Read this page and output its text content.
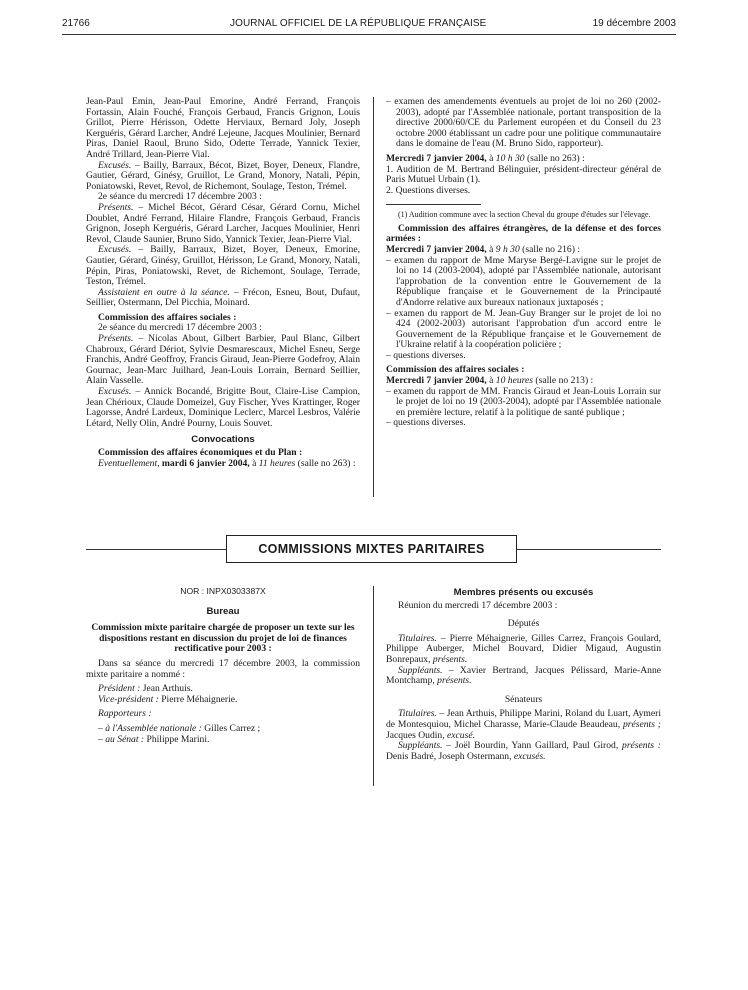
21766	JOURNAL OFFICIEL DE LA RÉPUBLIQUE FRANÇAISE	19 décembre 2003

Jean-Paul Emin, Jean-Paul Emorine, André Ferrand, François Fortassin, Alain Fouché, François Gerbaud, Francis Grignon, Louis Grillot, Pierre Hérisson, Odette Herviaux, Bernard Joly, Joseph Kerguéris, Gérard Larcher, André Lejeune, Jacques Moulinier, Bernard Piras, Daniel Raoul, Bruno Sido, Odette Terrade, Yannick Texier, André Trillard, Jean-Pierre Vial.

Excusés. – Bailly, Barraux, Bécot, Bizet, Boyer, Deneux, Flandre, Gautier, Gérard, Ginésy, Gruillot, Le Grand, Monory, Natali, Pépin, Poniatowski, Revet, Revol, de Richemont, Soulage, Teston, Trémel.

2e séance du mercredi 17 décembre 2003 :

Présents. – Michel Bécot, Gérard César, Gérard Cornu, Michel Doublet, André Ferrand, Hilaire Flandre, François Gerbaud, Francis Grignon, Joseph Kerguéris, Gérard Larcher, Jacques Moulinier, Henri Revol, Claude Saunier, Bruno Sido, Yannick Texier, Jean-Pierre Vial.

Excusés. – Bailly, Barraux, Bizet, Boyer, Deneux, Emorine, Gautier, Gérard, Ginésy, Gruillot, Hérisson, Le Grand, Monory, Natali, Pépin, Piras, Poniatowski, Revet, de Richemont, Soulage, Terrade, Teston, Trémel.

Assistaient en outre à la séance. – Frécon, Esneu, Bout, Dufaut, Seillier, Ostermann, Del Picchia, Moinard.

Commission des affaires sociales :

2e séance du mercredi 17 décembre 2003 :

Présents. – Nicolas About, Gilbert Barbier, Paul Blanc, Gilbert Chabroux, Gérard Dériot, Sylvie Desmarescaux, Michel Esneu, Serge Franchis, André Geoffroy, Francis Giraud, Jean-Pierre Godefroy, Alain Gournac, Jean-Marc Juilhard, Jean-Louis Lorrain, Bernard Seillier, Alain Vasselle.

Excusés. – Annick Bocandé, Brigitte Bout, Claire-Lise Campion, Jean Chérioux, Claude Domeizel, Guy Fischer, Yves Krattinger, Roger Lagorsse, André Lardeux, Dominique Leclerc, Marcel Lesbros, Valérie Létard, Nelly Olin, André Pourny, Louis Souvet.

Convocations

Commission des affaires économiques et du Plan :

Eventuellement, mardi 6 janvier 2004, à 11 heures (salle no 263) :

– examen des amendements éventuels au projet de loi no 260 (2002-2003), adopté par l'Assemblée nationale, portant transposition de la directive 2000/60/CE du Parlement européen et du Conseil du 23 octobre 2000 établissant un cadre pour une politique communautaire dans le domaine de l'eau (M. Bruno Sido, rapporteur).

Mercredi 7 janvier 2004, à 10 h 30 (salle no 263) :

1. Audition de M. Bertrand Bélinguier, président-directeur général de Paris Mutuel Urbain (1).

2. Questions diverses.

(1) Audition commune avec la section Cheval du groupe d'études sur l'élevage.

Commission des affaires étrangères, de la défense et des forces armées :

Mercredi 7 janvier 2004, à 9 h 30 (salle no 216) :

– examen du rapport de Mme Maryse Bergé-Lavigne sur le projet de loi no 14 (2003-2004), adopté par l'Assemblée nationale, autorisant l'approbation de la convention entre le Gouvernement de la République française et le Gouvernement de la Principauté d'Andorre relative aux bureaux nationaux juxtaposés ;

– examen du rapport de M. Jean-Guy Branger sur le projet de loi no 424 (2002-2003) autorisant l'approbation d'un accord entre le Gouvernement de la République française et le Gouvernement de l'Ukraine relatif à la coopération policière ;

– questions diverses.

Commission des affaires sociales :

Mercredi 7 janvier 2004, à 10 heures (salle no 213) :

– examen du rapport de MM. Francis Giraud et Jean-Louis Lorrain sur le projet de loi no 19 (2003-2004), adopté par l'Assemblée nationale en première lecture, relatif à la politique de santé publique ;

– questions diverses.

COMMISSIONS MIXTES PARITAIRES
NOR : INPX0303387X
Bureau

Commission mixte paritaire chargée de proposer un texte sur les dispositions restant en discussion du projet de loi de finances rectificative pour 2003 :

Dans sa séance du mercredi 17 décembre 2003, la commission mixte paritaire a nommé :

Président : Jean Arthuis.

Vice-président : Pierre Méhaignerie.

Rapporteurs :

– à l'Assemblée nationale : Gilles Carrez ;

– au Sénat : Philippe Marini.

Membres présents ou excusés

Réunion du mercredi 17 décembre 2003 :

Députés

Titulaires. – Pierre Méhaignerie, Gilles Carrez, François Goulard, Philippe Auberger, Michel Bouvard, Didier Migaud, Augustin Bonrepaux, présents.

Suppléants. – Xavier Bertrand, Jacques Pélissard, Marie-Anne Montchamp, présents.

Sénateurs

Titulaires. – Jean Arthuis, Philippe Marini, Roland du Luart, Aymeri de Montesquiou, Michel Charasse, Marie-Claude Beaudeau, présents ; Jacques Oudin, excusé.

Suppléants. – Joël Bourdin, Yann Gaillard, Paul Girod, présents : Denis Badré, Joseph Ostermann, excusés.
